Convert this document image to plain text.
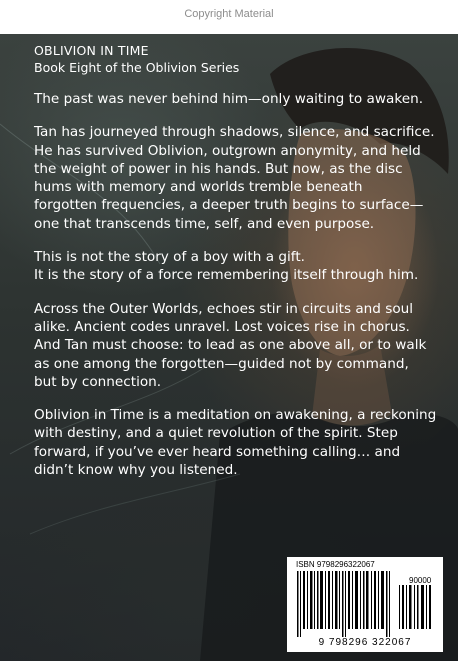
Copyright Material
OBLIVION IN TIME
Book Eight of the Oblivion Series

The past was never behind him—only waiting to awaken.

Tan has journeyed through shadows, silence, and sacrifice.
He has survived Oblivion, outgrown anonymity, and held
the weight of power in his hands. But now, as the disc
hums with memory and worlds tremble beneath
forgotten frequencies, a deeper truth begins to surface—
one that transcends time, self, and even purpose.

This is not the story of a boy with a gift.
It is the story of a force remembering itself through him.

Across the Outer Worlds, echoes stir in circuits and soul
alike. Ancient codes unravel. Lost voices rise in chorus.
And Tan must choose: to lead as one above all, or to walk
as one among the forgotten—guided not by command,
but by connection.

Oblivion in Time is a meditation on awakening, a reckoning
with destiny, and a quiet revolution of the spirit. Step
forward, if you’ve ever heard something calling… and
didn’t know why you listened.

ISBN 9798296322067
90000
9 798296 322067
